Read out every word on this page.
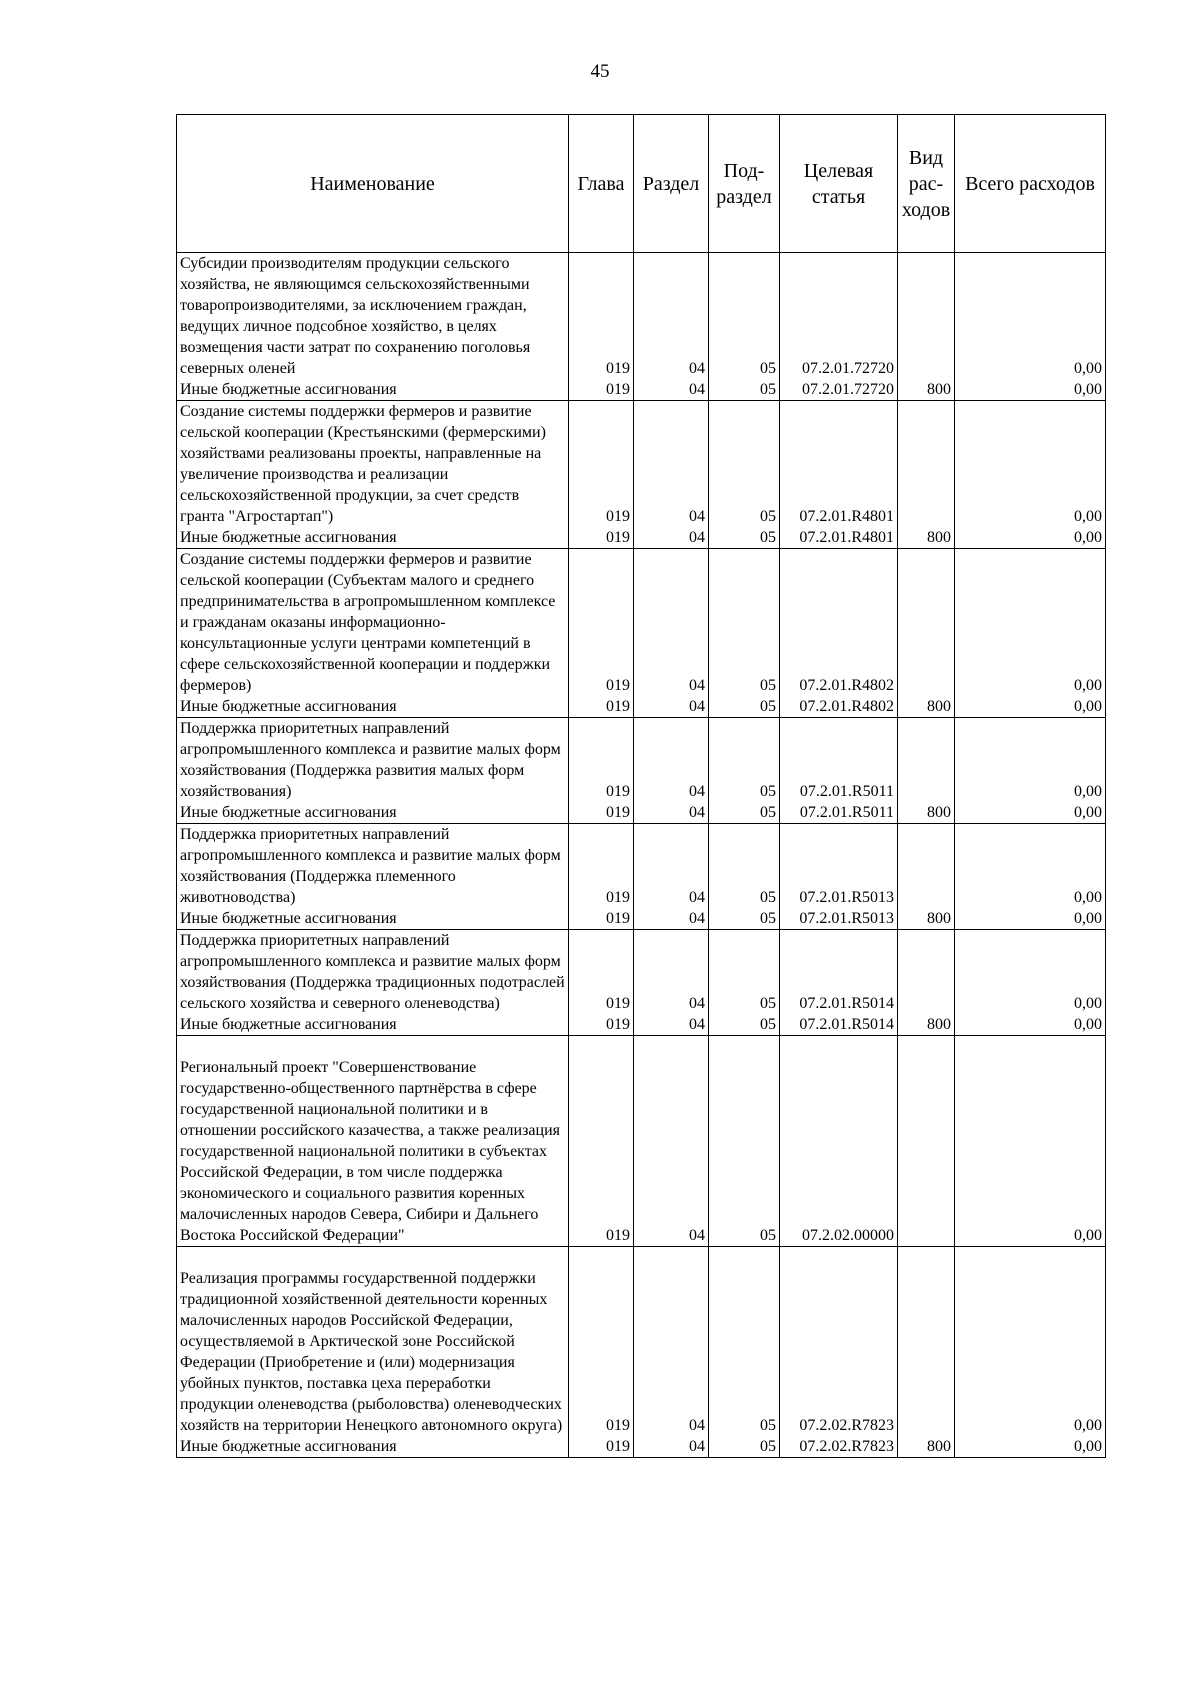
45
Наименование	Глава	Раздел	Под-раздел	Целевая статья	Вид рас-ходов	Всего расходов
Субсидии производителям продукции сельского хозяйства, не являющимся сельскохозяйственными товаропроизводителями, за исключением граждан, ведущих личное подсобное хозяйство, в целях возмещения части затрат по сохранению поголовья северных оленей	019	04	05	07.2.01.72720		0,00
Иные бюджетные ассигнования	019	04	05	07.2.01.72720	800	0,00
Создание системы поддержки фермеров и развитие сельской кооперации (Крестьянскими (фермерскими) хозяйствами реализованы проекты, направленные на увеличение производства и реализации сельскохозяйственной продукции, за счет средств гранта "Агростартап")	019	04	05	07.2.01.R4801		0,00
Иные бюджетные ассигнования	019	04	05	07.2.01.R4801	800	0,00
Создание системы поддержки фермеров и развитие сельской кооперации (Субъектам малого и среднего предпринимательства в агропромышленном комплексе и гражданам оказаны информационно-консультационные услуги центрами компетенций в сфере сельскохозяйственной кооперации и поддержки фермеров)	019	04	05	07.2.01.R4802		0,00
Иные бюджетные ассигнования	019	04	05	07.2.01.R4802	800	0,00
Поддержка приоритетных направлений агропромышленного комплекса и развитие малых форм хозяйствования (Поддержка развития малых форм хозяйствования)	019	04	05	07.2.01.R5011		0,00
Иные бюджетные ассигнования	019	04	05	07.2.01.R5011	800	0,00
Поддержка приоритетных направлений агропромышленного комплекса и развитие малых форм хозяйствования (Поддержка племенного животноводства)	019	04	05	07.2.01.R5013		0,00
Иные бюджетные ассигнования	019	04	05	07.2.01.R5013	800	0,00
Поддержка приоритетных направлений агропромышленного комплекса и развитие малых форм хозяйствования (Поддержка традиционных подотраслей сельского хозяйства и северного оленеводства)	019	04	05	07.2.01.R5014		0,00
Иные бюджетные ассигнования	019	04	05	07.2.01.R5014	800	0,00

Региональный проект "Совершенствование государственно-общественного партнёрства в сфере государственной национальной политики и в отношении российского казачества, а также реализация государственной национальной политики в субъектах Российской Федерации, в том числе поддержка экономического и социального развития коренных малочисленных народов Севера, Сибири и Дальнего Востока Российской Федерации"	019	04	05	07.2.02.00000		0,00

Реализация программы государственной поддержки традиционной хозяйственной деятельности коренных малочисленных народов Российской Федерации, осуществляемой в Арктической зоне Российской Федерации (Приобретение и (или) модернизация убойных пунктов, поставка цеха переработки продукции оленеводства (рыболовства) оленеводческих хозяйств на территории Ненецкого автономного округа)	019	04	05	07.2.02.R7823		0,00
Иные бюджетные ассигнования	019	04	05	07.2.02.R7823	800	0,00
